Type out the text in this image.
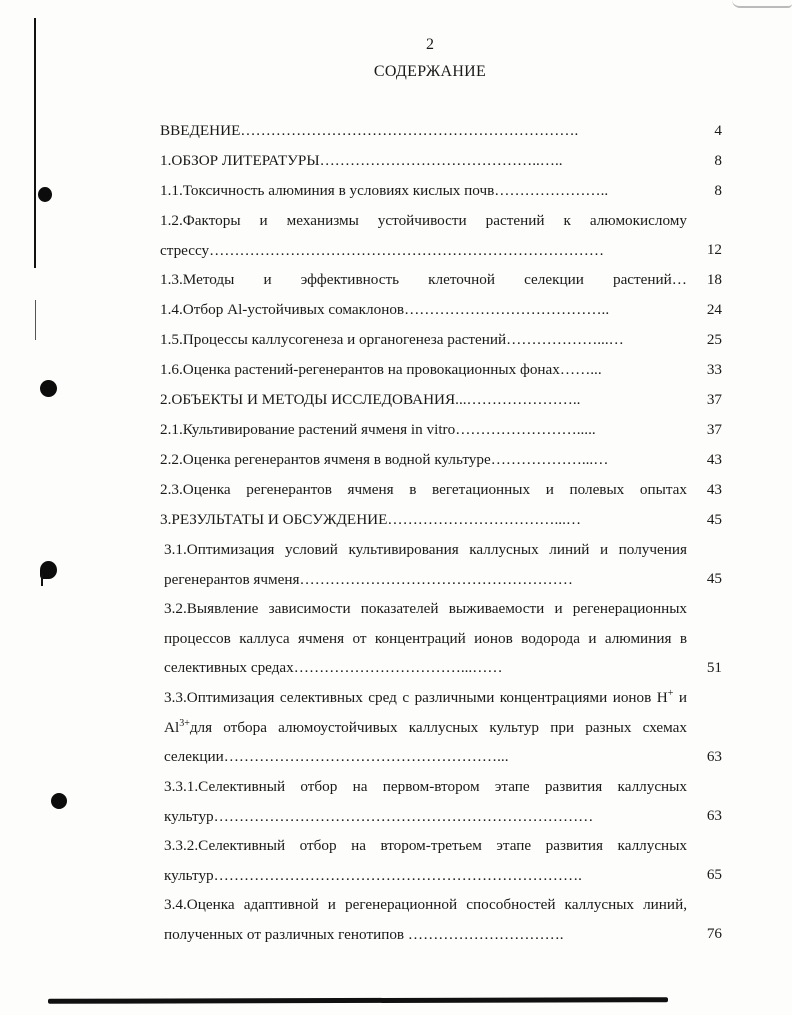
2
СОДЕРЖАНИЕ
ВВЕДЕНИЕ………………………………………………………….	4
1.ОБЗОР ЛИТЕРАТУРЫ……………………………………..…..	8
1.1.Токсичность алюминия в условиях кислых почв…………………..	8
1.2.Факторы и механизмы устойчивости растений к алюмокислому стрессу……………………………………………………………………	12
1.3.Методы и эффективность клеточной селекции растений…	18
1.4.Отбор Al-устойчивых сомаклонов…………………………………..	24
1.5.Процессы каллусогенеза и органогенеза растений………………...…	25
1.6.Оценка растений-регенерантов на провокационных фонах……...	33
2.ОБЪЕКТЫ И МЕТОДЫ ИССЛЕДОВАНИЯ...…………………..	37
2.1.Культивирование растений ячменя in vitro…………………….....	37
2.2.Оценка регенерантов ячменя в водной культуре………………...…	43
2.3.Оценка регенерантов ячменя в вегетационных и полевых опытах	43
3.РЕЗУЛЬТАТЫ И ОБСУЖДЕНИЕ……………………………...…	45
3.1.Оптимизация условий культивирования каллусных линий и получения регенерантов ячменя………………………………………………	45
3.2.Выявление зависимости показателей выживаемости и регенерационных процессов каллуса ячменя от концентраций ионов водорода и алюминия в селективных средах……………………………...……	51
3.3.Оптимизация селективных сред с различными концентрациями ионов H+ и $Al^{3+}для$ отбора алюмоустойчивых каллусных культур при разных схемах селекции………………………………………………...	63
3.3.1.Селективный отбор на первом-втором этапе развития каллусных культур…………………………………………………………………	63
3.3.2.Селективный отбор на втором-третьем этапе развития каллусных культур……………………………………………………………….	65
3.4.Оценка адаптивной и регенерационной способностей каллусных линий, полученных от различных генотипов ………………………….	76
